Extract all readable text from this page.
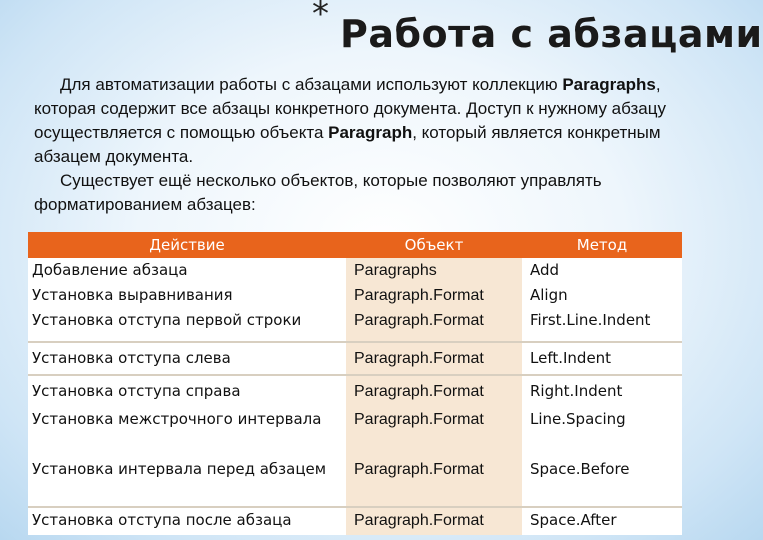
* Работа с абзацами
Для автоматизации работы с абзацами используют коллекцию Paragraphs, которая содержит все абзацы конкретного документа. Доступ к нужному абзацу осуществляется с помощью объекта Paragraph, который является конкретным абзацем документа.
Существует ещё несколько объектов, которые позволяют управлять форматированием абзацев:
Действие	Объект	Метод
Добавление абзаца	Paragraphs	Add
Установка выравнивания	Paragraph.Format	Align
Установка отступа первой строки	Paragraph.Format	First.Line.Indent
Установка отступа слева	Paragraph.Format	Left.Indent
Установка отступа справа	Paragraph.Format	Right.Indent
Установка межстрочного интервала	Paragraph.Format	Line.Spacing
Установка интервала перед абзацем	Paragraph.Format	Space.Before
Установка отступа после абзаца	Paragraph.Format	Space.After
